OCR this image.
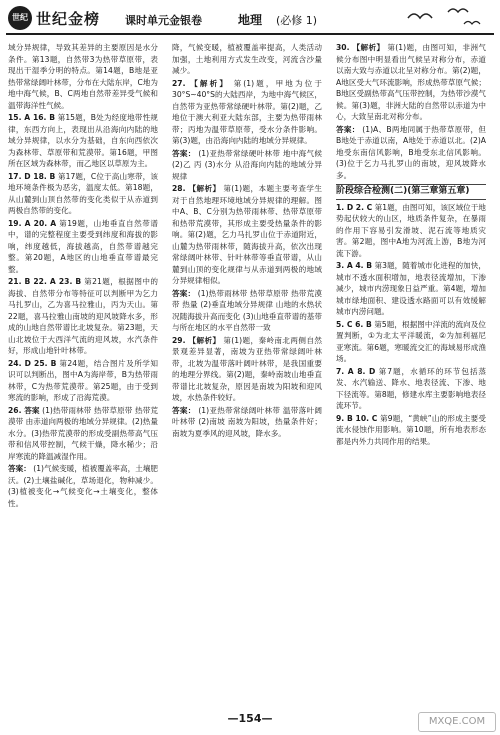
世纪 世纪金榜 课时单元金银卷	地理 (必修 1)
域分异规律，导致其差异的主要原因是水分条件。第13题，自然带3为热带草原带，表现出干湿季分明的特点。第14题，B地是亚热带常绿阔叶林带，分布在大陆东岸，C地为地中海气候，B、C两地自然带差异受气候和温带海洋性气候。
15. A 16. B 第15题，B处为经度地带性规律，东西方向上，表现出从沿海向内陆的地域分异规律，以水分为基础，自东向西依次为森林带、草原带和荒漠带。第16题，甲图所在区域为森林带，而乙地区以草原为主。
17. D 18. B 第17题，C位于高山寒带，该地环境条件极为恶劣，温度太低。第18题，从山麓到山顶自然带的变化类似于从赤道到两极自然带的变化。
19. A 20. A 第19题，山地垂直自然带谱中，谱的完整程度主要受到纬度和海拔的影响，纬度越低，海拔越高，自然带谱越完整。第20题，A地区的山地垂直带谱最完整。
21. B 22. A 23. B 第21题，根据图中的海拔、自然带分布等特征可以判断甲为乞力马扎罗山，乙为喜马拉雅山，丙为天山。第22题，喜马拉雅山南坡的迎风坡降水多，形成的山地自然带谱比北坡复杂。第23题，天山北坡位于大西洋气流的迎风坡，水汽条件好，形成山地针叶林带。
24. D 25. B 第24题，结合图片及所学知识可以判断出，图中A为海岸带，B为热带雨林带，C为热带荒漠带。第25题，由于受到寒流的影响，形成了沿海荒漠。
26. 答案 (1)热带雨林带 热带草原带 热带荒漠带 由赤道向两极的地域分异规律。(2)热量 水分。(3)热带荒漠带的形成受副热带高气压带和信风带控制，气候干燥，降水稀少；沿岸寒流的降温减湿作用。
答案： (1)气候变暖，植被覆盖率高，土壤肥沃。(2)土壤盐碱化，草场退化，物种减少。(3)植被变化→气候变化→土壤变化，整体性。
降，气候变暖，植被覆盖率提高，人类活动加强，土地利用方式发生改变，河流含沙量减少。
27. 【解析】 第(1)题，甲地为位于30°S~40°S的大陆西岸，为地中海气候区，自然带为亚热带常绿硬叶林带。第(2)题，乙地位于澳大利亚大陆东部，主要为热带雨林带；丙地为温带草原带，受水分条件影响。第(3)题，由沿海向内陆的地域分异规律。
答案： (1)亚热带常绿硬叶林带 地中海气候 (2)乙 丙 (3)水分 从沿海向内陆的地域分异规律
28. 【解析】 第(1)题，本题主要考查学生对于自然地理环境地域分异规律的理解。图中A、B、C分别为热带雨林带、热带草原带和热带荒漠带，其形成主要受热量条件的影响。第(2)题，乞力马扎罗山位于赤道附近，山麓为热带雨林带，随海拔升高，依次出现常绿阔叶林带、针叶林带等垂直带谱，从山麓到山顶的变化规律与从赤道到两极的地域分异规律相似。
答案： (1)热带雨林带 热带草原带 热带荒漠带 热量 (2)垂直地域分异规律 山地的水热状况随海拔升高而变化 (3)山地垂直带谱的基带与所在地区的水平自然带一致
29. 【解析】 第(1)题，秦岭南北两侧自然景观差异显著，南坡为亚热带常绿阔叶林带，北坡为温带落叶阔叶林带，是我国重要的地理分界线。第(2)题，秦岭南坡山地垂直带谱比北坡复杂，原因是南坡为阳坡和迎风坡，水热条件较好。
答案： (1)亚热带常绿阔叶林带 温带落叶阔叶林带 (2)南坡 南坡为阳坡，热量条件好；南坡为夏季风的迎风坡，降水多。
30. 【解析】 第(1)题，由图可知，非洲气候分布图中明显看出气候呈对称分布，赤道以南大致与赤道以北呈对称分布。第(2)题，A地区受大气环流影响，形成热带草原气候；B地区受副热带高气压带控制，为热带沙漠气候。第(3)题，非洲大陆的自然带以赤道为中心，大致呈南北对称分布。
答案： (1)A、B两地同属于热带草原带，但B地处于赤道以南，A地处于赤道以北。(2)A地受东南信风影响，B地受东北信风影响。(3)位于乞力马扎罗山的南坡，迎风坡降水多。
阶段综合检测(二)(第三章第五章)
1. D 2. C 第1题，由图可知，该区域位于地势起伏较大的山区，地质条件复杂，在暴雨的作用下容易引发滑坡、泥石流等地质灾害。第2题，图中A地为河流上游，B地为河流下游。
3. A 4. B 第3题，随着城市化进程的加快，城市不透水面积增加，地表径流增加，下渗减少，城市内涝现象日益严重。第4题，增加城市绿地面积、建设透水路面可以有效缓解城市内涝问题。
5. C 6. B 第5题，根据图中洋流的流向及位置判断，①为北太平洋暖流，②为加利福尼亚寒流。第6题，寒暖流交汇的海域易形成渔场。
7. A 8. D 第7题，水循环的环节包括蒸发、水汽输送、降水、地表径流、下渗、地下径流等。第8题，修建水库主要影响地表径流环节。
9. B 10. C 第9题，“黄峡”山的形成主要受流水侵蚀作用影响。第10题，所有地表形态都是内外力共同作用的结果。
—154—	MXQE.COM
